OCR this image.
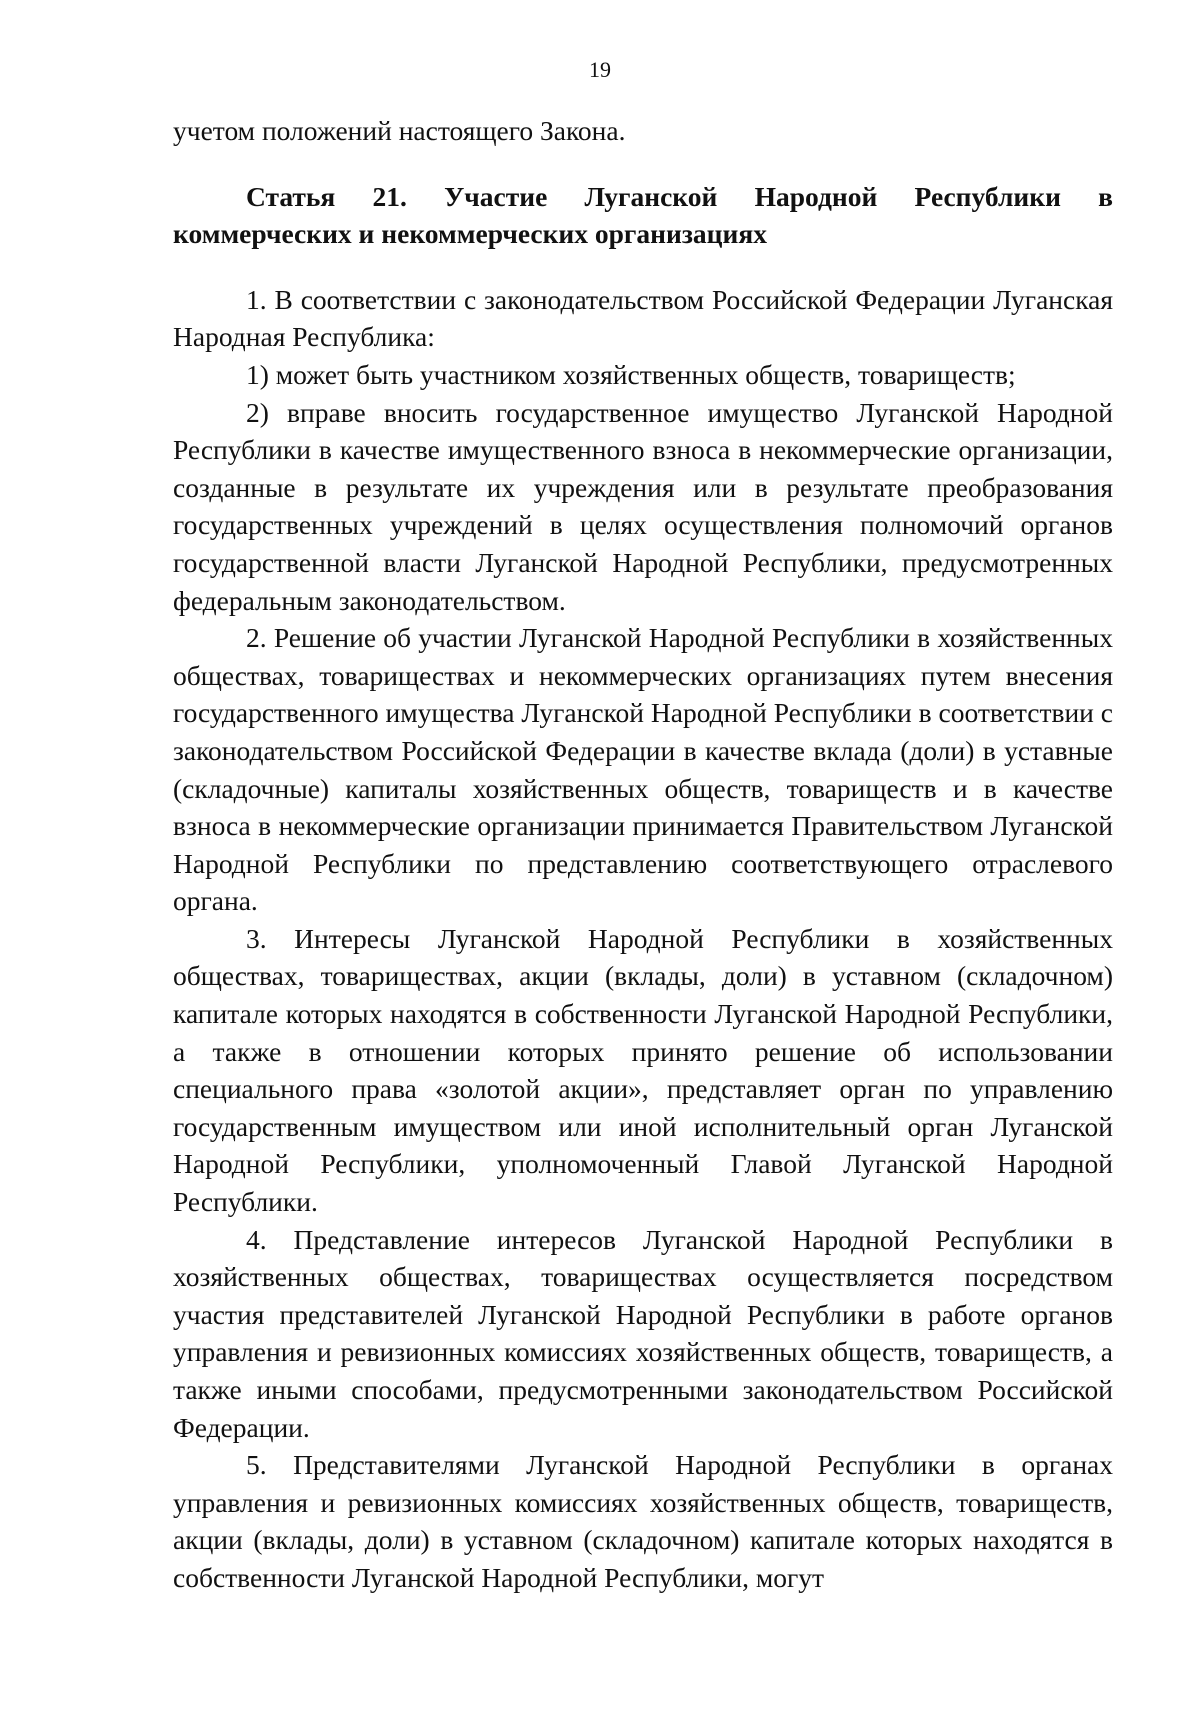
19

учетом положений настоящего Закона.

Статья 21. Участие Луганской Народной Республики в коммерческих и некоммерческих организациях

1. В соответствии с законодательством Российской Федерации Луганская Народная Республика:

1) может быть участником хозяйственных обществ, товариществ;

2) вправе вносить государственное имущество Луганской Народной Республики в качестве имущественного взноса в некоммерческие организации, созданные в результате их учреждения или в результате преобразования государственных учреждений в целях осуществления полномочий органов государственной власти Луганской Народной Республики, предусмотренных федеральным законодательством.

2. Решение об участии Луганской Народной Республики в хозяйственных обществах, товариществах и некоммерческих организациях путем внесения государственного имущества Луганской Народной Республики в соответствии с законодательством Российской Федерации в качестве вклада (доли) в уставные (складочные) капиталы хозяйственных обществ, товариществ и в качестве взноса в некоммерческие организации принимается Правительством Луганской Народной Республики по представлению соответствующего отраслевого органа.

3. Интересы Луганской Народной Республики в хозяйственных обществах, товариществах, акции (вклады, доли) в уставном (складочном) капитале которых находятся в собственности Луганской Народной Республики, а также в отношении которых принято решение об использовании специального права «золотой акции», представляет орган по управлению государственным имуществом или иной исполнительный орган Луганской Народной Республики, уполномоченный Главой Луганской Народной Республики.

4. Представление интересов Луганской Народной Республики в хозяйственных обществах, товариществах осуществляется посредством участия представителей Луганской Народной Республики в работе органов управления и ревизионных комиссиях хозяйственных обществ, товариществ, а также иными способами, предусмотренными законодательством Российской Федерации.

5. Представителями Луганской Народной Республики в органах управления и ревизионных комиссиях хозяйственных обществ, товариществ, акции (вклады, доли) в уставном (складочном) капитале которых находятся в собственности Луганской Народной Республики, могут
